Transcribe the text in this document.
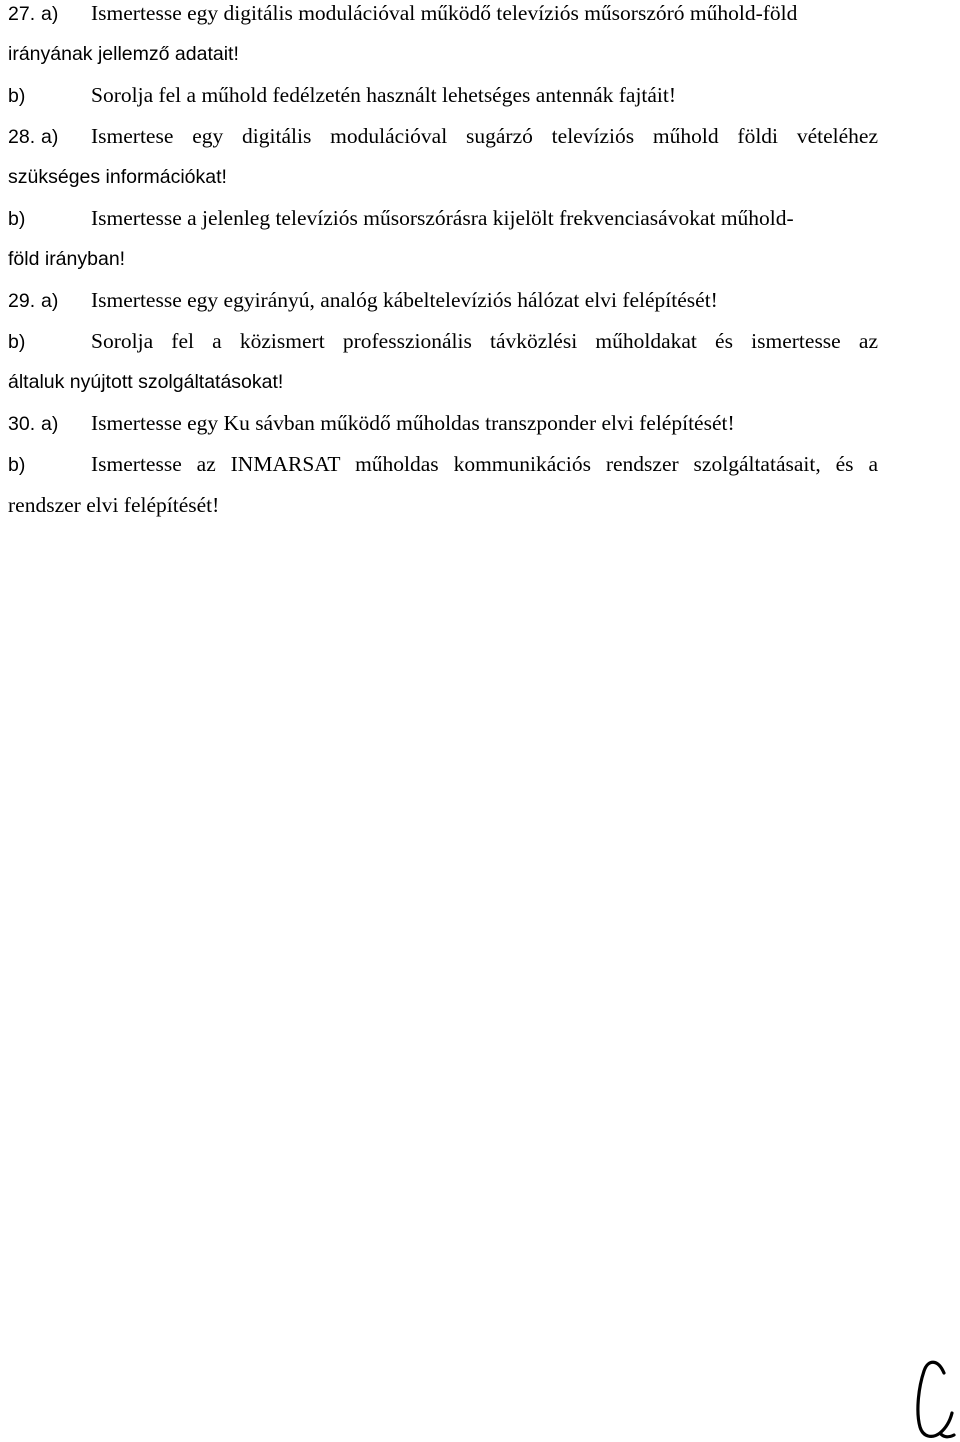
27. a) Ismertesse egy digitális modulációval működő televíziós műsorszóró műhold-föld
irányának jellemző adatait!
b)	Sorolja fel a műhold fedélzetén használt lehetséges antennák fajtáit!
28. a) Ismertese egy digitális modulációval sugárzó televíziós műhold földi vételéhez
szükséges információkat!
b)	Ismertesse a jelenleg televíziós műsorszórásra kijelölt frekvenciasávokat műhold-
föld irányban!
29. a) Ismertesse egy egyirányú, analóg kábeltelevíziós hálózat elvi felépítését!
b)	Sorolja fel a közismert professzionális távközlési műholdakat és ismertesse az
általuk nyújtott szolgáltatásokat!
30. a) Ismertesse egy Ku sávban működő műholdas transzponder elvi felépítését!
b)	Ismertesse az INMARSAT műholdas kommunikációs rendszer szolgáltatásait, és a
rendszer elvi felépítését!
